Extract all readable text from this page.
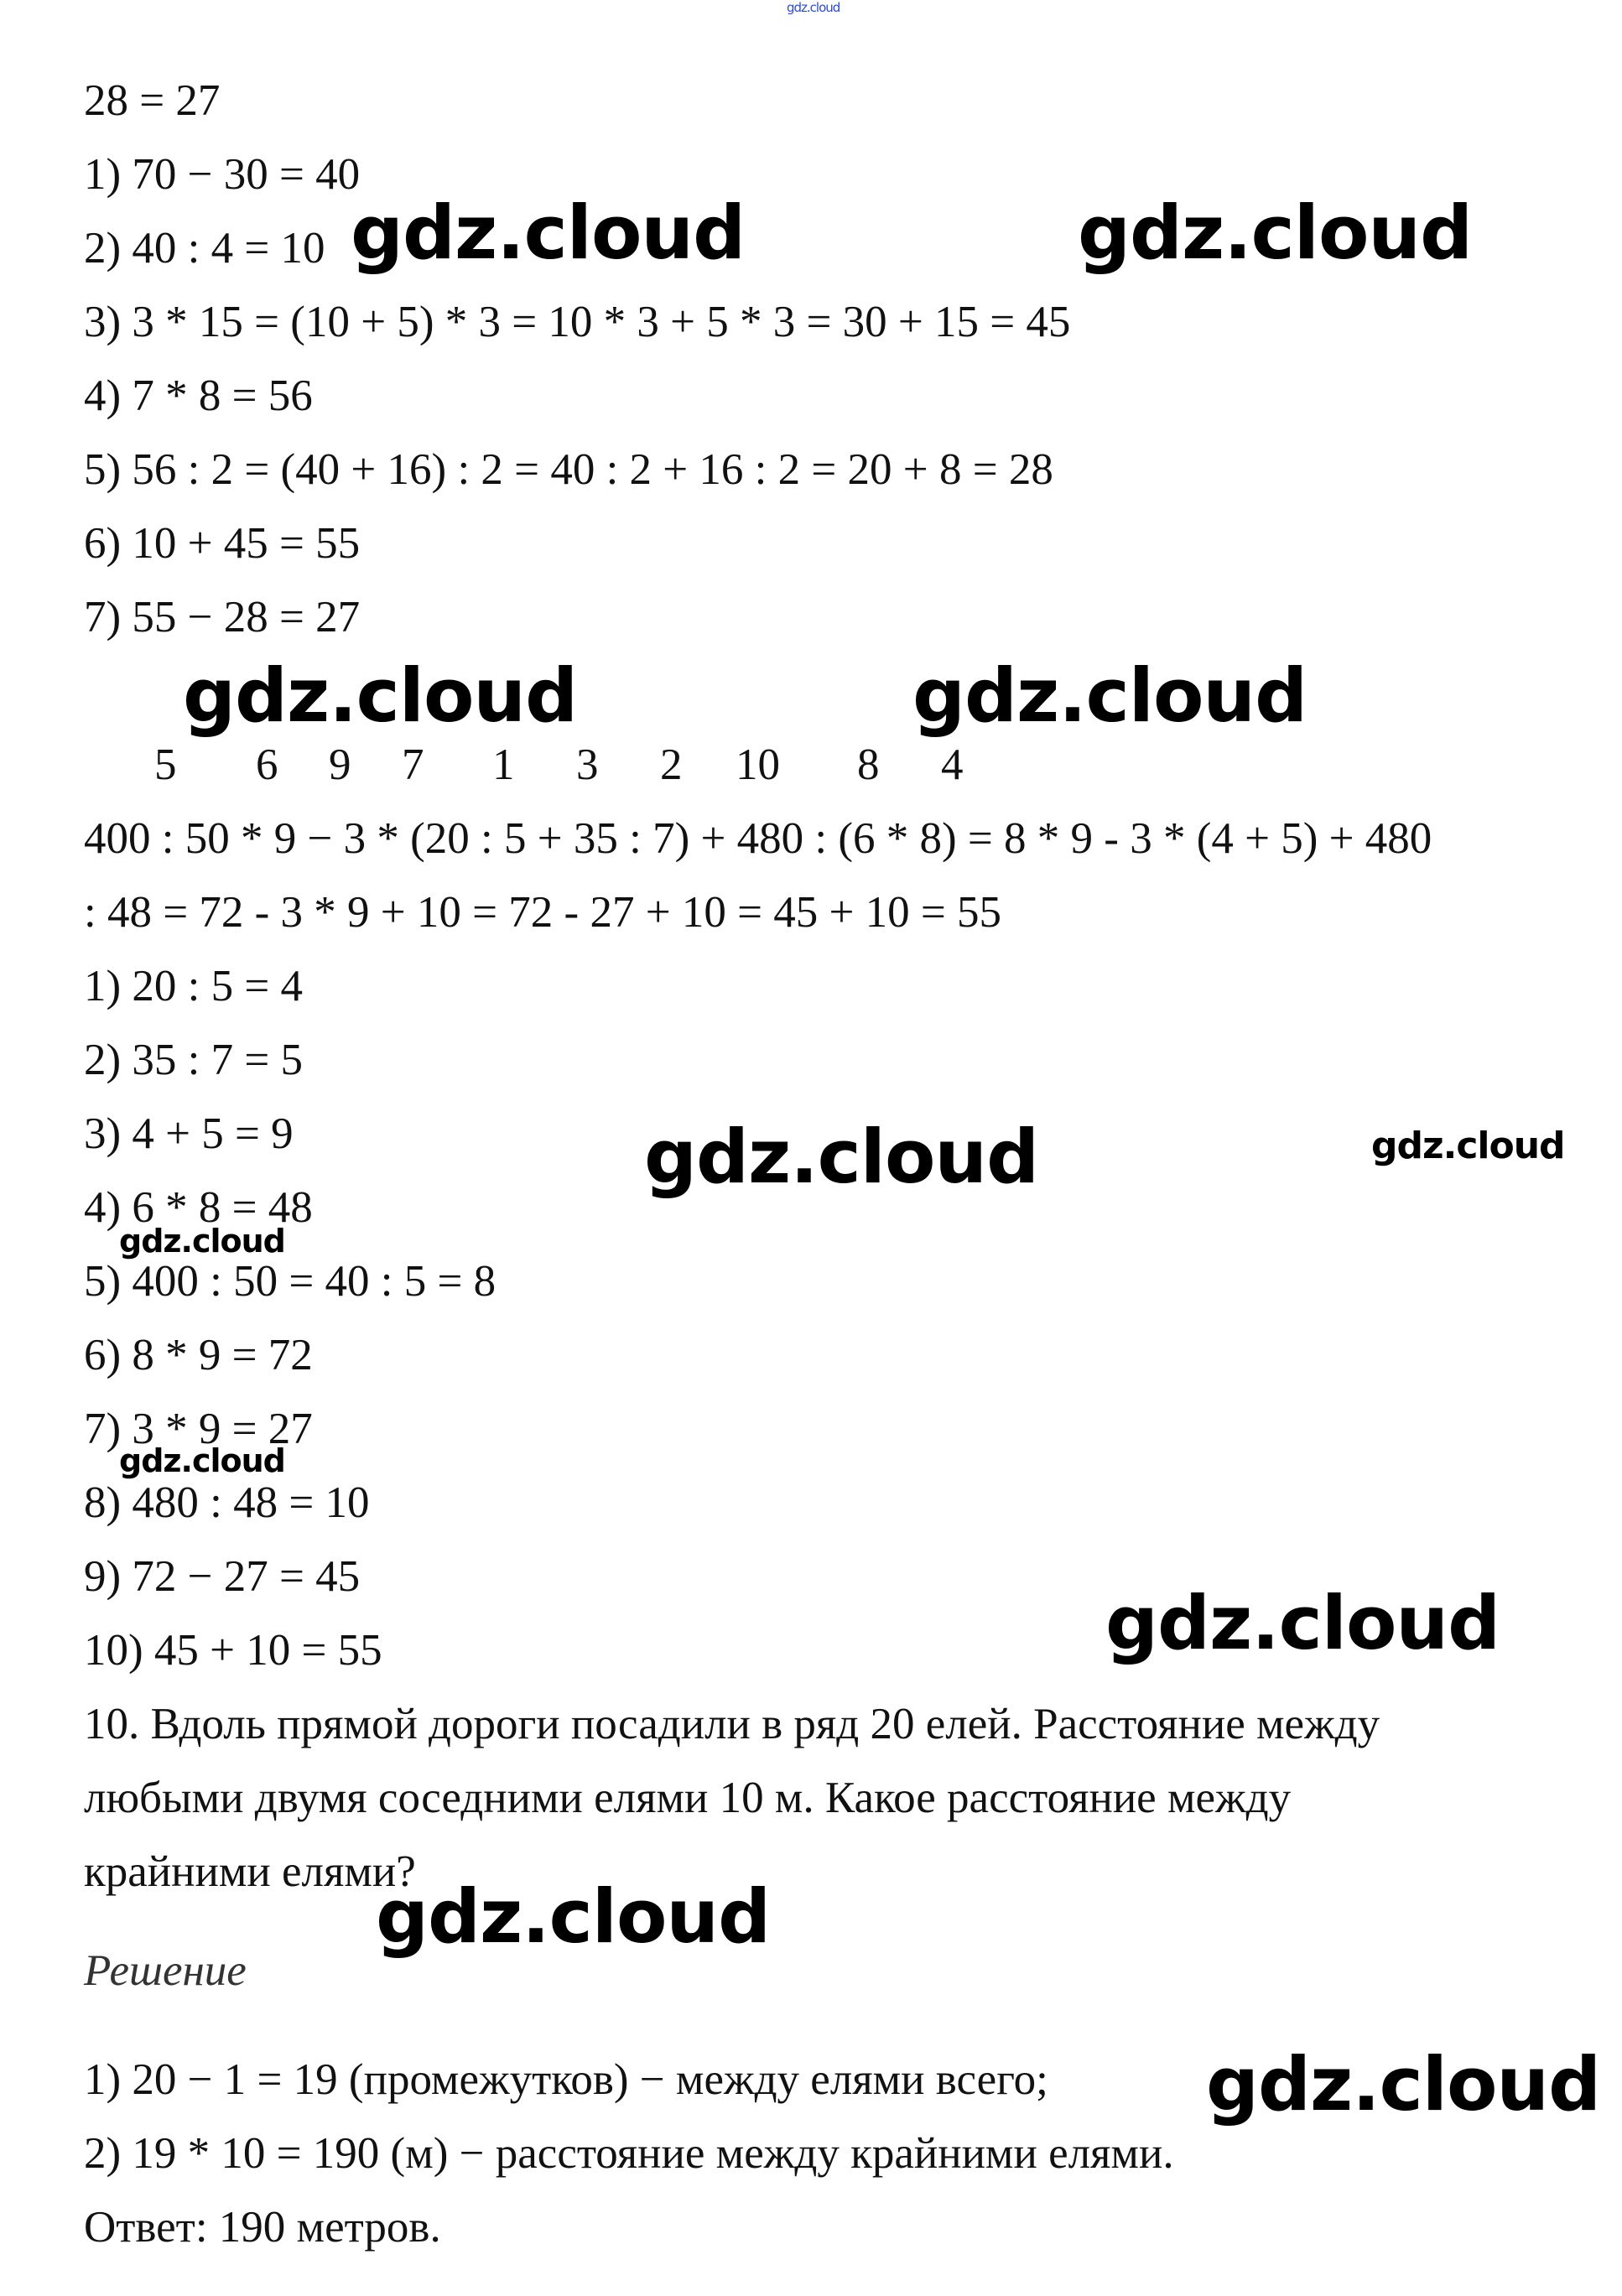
gdz.cloud
28 = 27
1) 70 − 30 = 40
2) 40 : 4 = 10
3) 3 * 15 = (10 + 5) * 3 = 10 * 3 + 5 * 3 = 30 + 15 = 45
4) 7 * 8 = 56
5) 56 : 2 = (40 + 16) : 2 = 40 : 2 + 16 : 2 = 20 + 8 = 28
6) 10 + 45 = 55
7) 55 − 28 = 27
5 6 9 7 1 3 2 10 8 4
400 : 50 * 9 − 3 * (20 : 5 + 35 : 7) + 480 : (6 * 8) = 8 * 9 - 3 * (4 + 5) + 480
: 48 = 72 - 3 * 9 + 10 = 72 - 27 + 10 = 45 + 10 = 55
1) 20 : 5 = 4
2) 35 : 7 = 5
3) 4 + 5 = 9
4) 6 * 8 = 48
5) 400 : 50 = 40 : 5 = 8
6) 8 * 9 = 72
7) 3 * 9 = 27
8) 480 : 48 = 10
9) 72 − 27 = 45
10) 45 + 10 = 55
10. Вдоль прямой дороги посадили в ряд 20 елей. Расстояние между
любыми двумя соседними елями 10 м. Какое расстояние между
крайними елями?
Решение
1) 20 − 1 = 19 (промежутков) − между елями всего;
2) 19 * 10 = 190 (м) − расстояние между крайними елями.
Ответ: 190 метров.
gdz.cloud	gdz.cloud
gdz.cloud	gdz.cloud
gdz.cloud	gdz.cloud
gdz.cloud
gdz.cloud
gdz.cloud
gdz.cloud
gdz.cloud
